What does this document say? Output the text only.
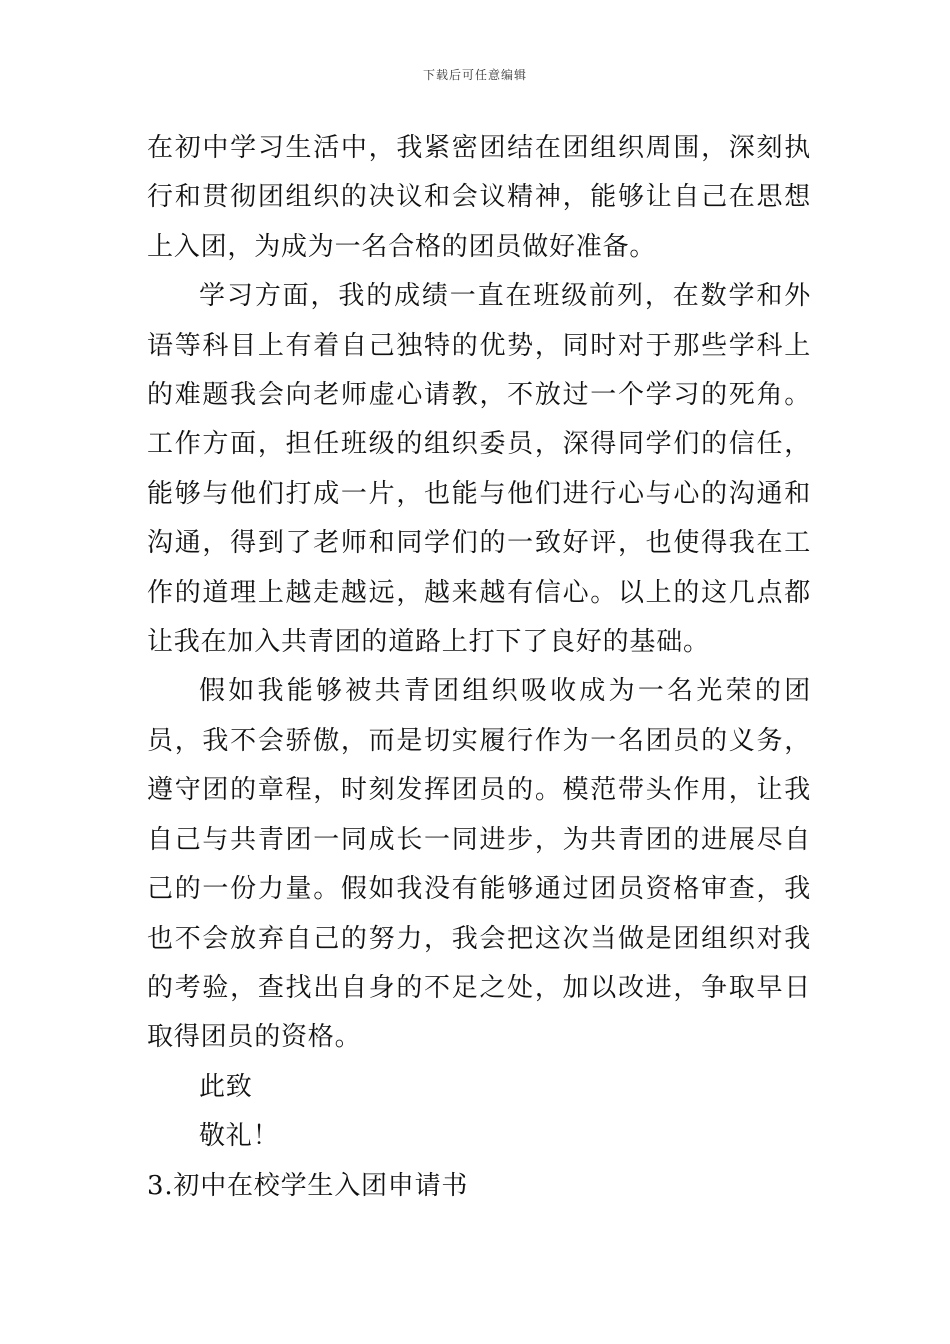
下载后可任意编辑

在初中学习生活中，我紧密团结在团组织周围，深刻执行和贯彻团组织的决议和会议精神，能够让自己在思想上入团，为成为一名合格的团员做好准备。

学习方面，我的成绩一直在班级前列，在数学和外语等科目上有着自己独特的优势，同时对于那些学科上的难题我会向老师虚心请教，不放过一个学习的死角。工作方面，担任班级的组织委员，深得同学们的信任，能够与他们打成一片，也能与他们进行心与心的沟通和沟通，得到了老师和同学们的一致好评，也使得我在工作的道理上越走越远，越来越有信心。以上的这几点都让我在加入共青团的道路上打下了良好的基础。

假如我能够被共青团组织吸收成为一名光荣的团员，我不会骄傲，而是切实履行作为一名团员的义务，遵守团的章程，时刻发挥团员的。模范带头作用，让我自己与共青团一同成长一同进步，为共青团的进展尽自己的一份力量。假如我没有能够通过团员资格审查，我也不会放弃自己的努力，我会把这次当做是团组织对我的考验，查找出自身的不足之处，加以改进，争取早日取得团员的资格。

此致

敬礼！

3.初中在校学生入团申请书
